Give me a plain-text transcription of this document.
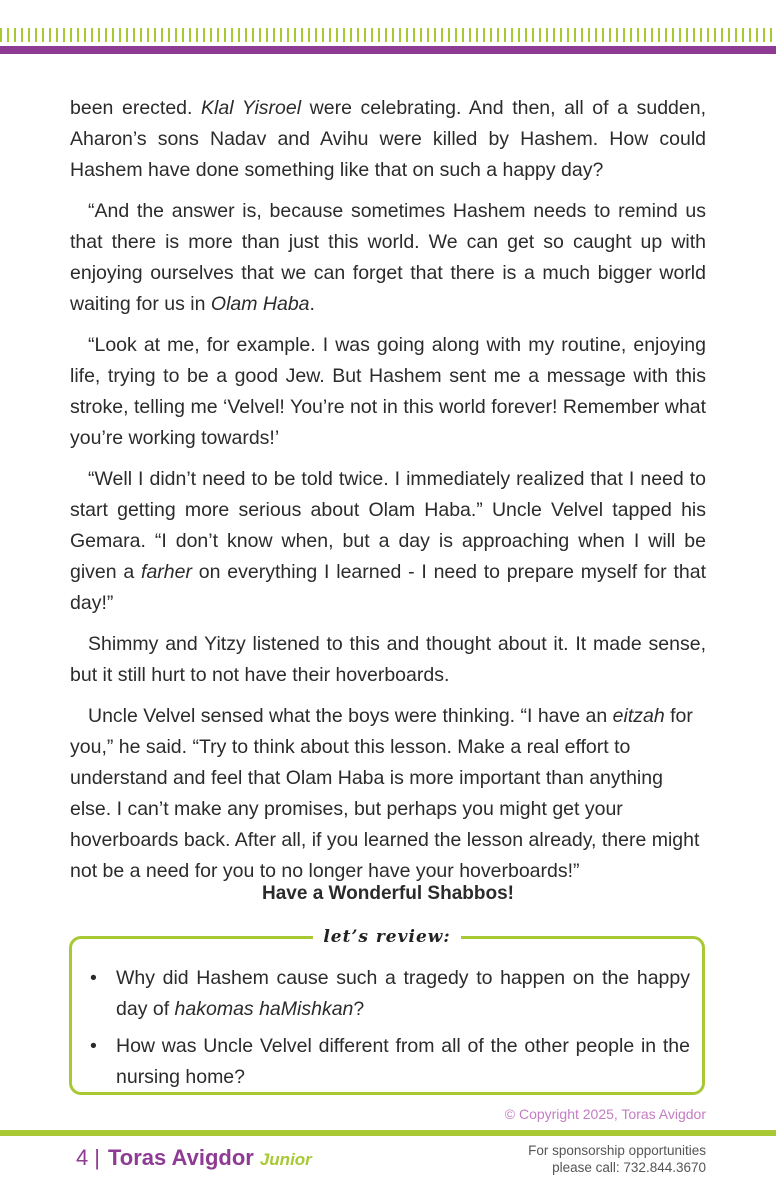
been erected. Klal Yisroel were celebrating. And then, all of a sudden, Aharon’s sons Nadav and Avihu were killed by Hashem. How could Hashem have done something like that on such a happy day?

“And the answer is, because sometimes Hashem needs to remind us that there is more than just this world. We can get so caught up with enjoying ourselves that we can forget that there is a much bigger world waiting for us in Olam Haba.

“Look at me, for example. I was going along with my routine, enjoying life, trying to be a good Jew. But Hashem sent me a message with this stroke, telling me ‘Velvel! You’re not in this world forever! Remember what you’re working towards!’

“Well I didn’t need to be told twice. I immediately realized that I need to start getting more serious about Olam Haba.” Uncle Velvel tapped his Gemara. “I don’t know when, but a day is approaching when I will be given a farher on everything I learned - I need to prepare myself for that day!”

Shimmy and Yitzy listened to this and thought about it. It made sense, but it still hurt to not have their hoverboards.

Uncle Velvel sensed what the boys were thinking. “I have an eitzah for you,” he said. “Try to think about this lesson. Make a real effort to understand and feel that Olam Haba is more important than anything else. I can’t make any promises, but perhaps you might get your hoverboards back. After all, if you learned the lesson already, there might not be a need for you to no longer have your hoverboards!”

Have a Wonderful Shabbos!
let’s review:
• Why did Hashem cause such a tragedy to happen on the happy day of hakomas haMishkan?
• How was Uncle Velvel different from all of the other people in the nursing home?
© Copyright 2025, Toras Avigdor
4 | Toras Avigdor Junior	For sponsorship opportunities
please call: 732.844.3670
